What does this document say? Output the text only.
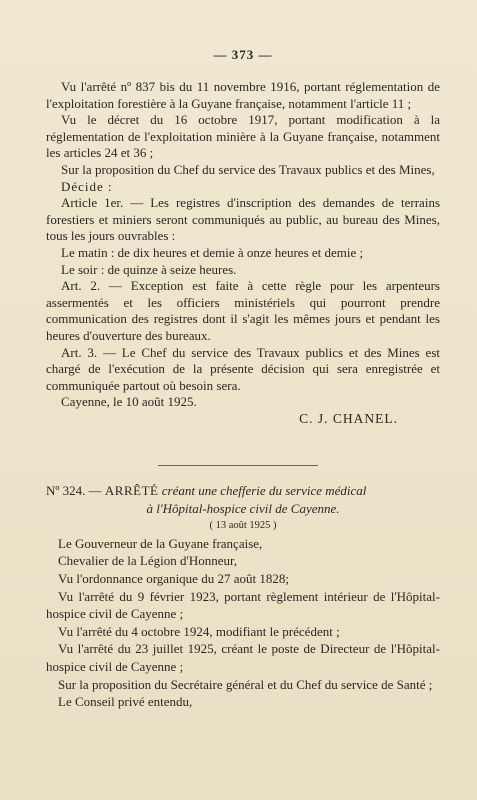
— 373 —

Vu l'arrêté nº 837 bis du 11 novembre 1916, portant réglementation de l'exploitation forestière à la Guyane française, notamment l'article 11 ;

Vu le décret du 16 octobre 1917, portant modification à la réglementation de l'exploitation minière à la Guyane française, notamment les articles 24 et 36 ;

Sur la proposition du Chef du service des Travaux publics et des Mines,

Décide :

Article 1er. — Les registres d'inscription des demandes de terrains forestiers et miniers seront communiqués au public, au bureau des Mines, tous les jours ouvrables :

Le matin : de dix heures et demie à onze heures et demie ;

Le soir : de quinze à seize heures.

Art. 2. — Exception est faite à cette règle pour les arpenteurs assermentés et les officiers ministériels qui pourront prendre communication des registres dont il s'agit les mêmes jours et pendant les heures d'ouverture des bureaux.

Art. 3. — Le Chef du service des Travaux publics et des Mines est chargé de l'exécution de la présente décision qui sera enregistrée et communiquée partout où besoin sera.

Cayenne, le 10 août 1925.

C. J. CHANEL.

Nº 324. — ARRÊTÉ créant une chefferie du service médical

à l'Hôpital-hospice civil de Cayenne.

( 13 août 1925 )

Le Gouverneur de la Guyane française,

Chevalier de la Légion d'Honneur,

Vu l'ordonnance organique du 27 août 1828;

Vu l'arrêté du 9 février 1923, portant règlement intérieur de l'Hôpital-hospice civil de Cayenne ;

Vu l'arrêté du 4 octobre 1924, modifiant le précédent ;

Vu l'arrêté du 23 juillet 1925, créant le poste de Directeur de l'Hôpital-hospice civil de Cayenne ;

Sur la proposition du Secrétaire général et du Chef du service de Santé ;

Le Conseil privé entendu,
